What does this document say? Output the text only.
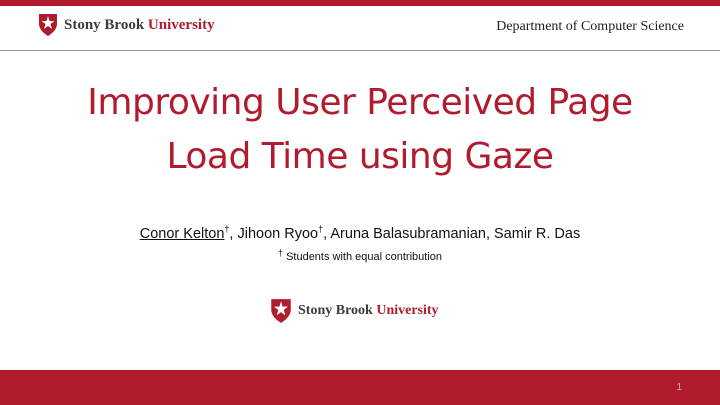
Stony Brook University	Department of Computer Science
Improving User Perceived Page
Load Time using Gaze
Conor Kelton†, Jihoon Ryoo†, Aruna Balasubramanian, Samir R. Das
† Students with equal contribution
Stony Brook University
1
